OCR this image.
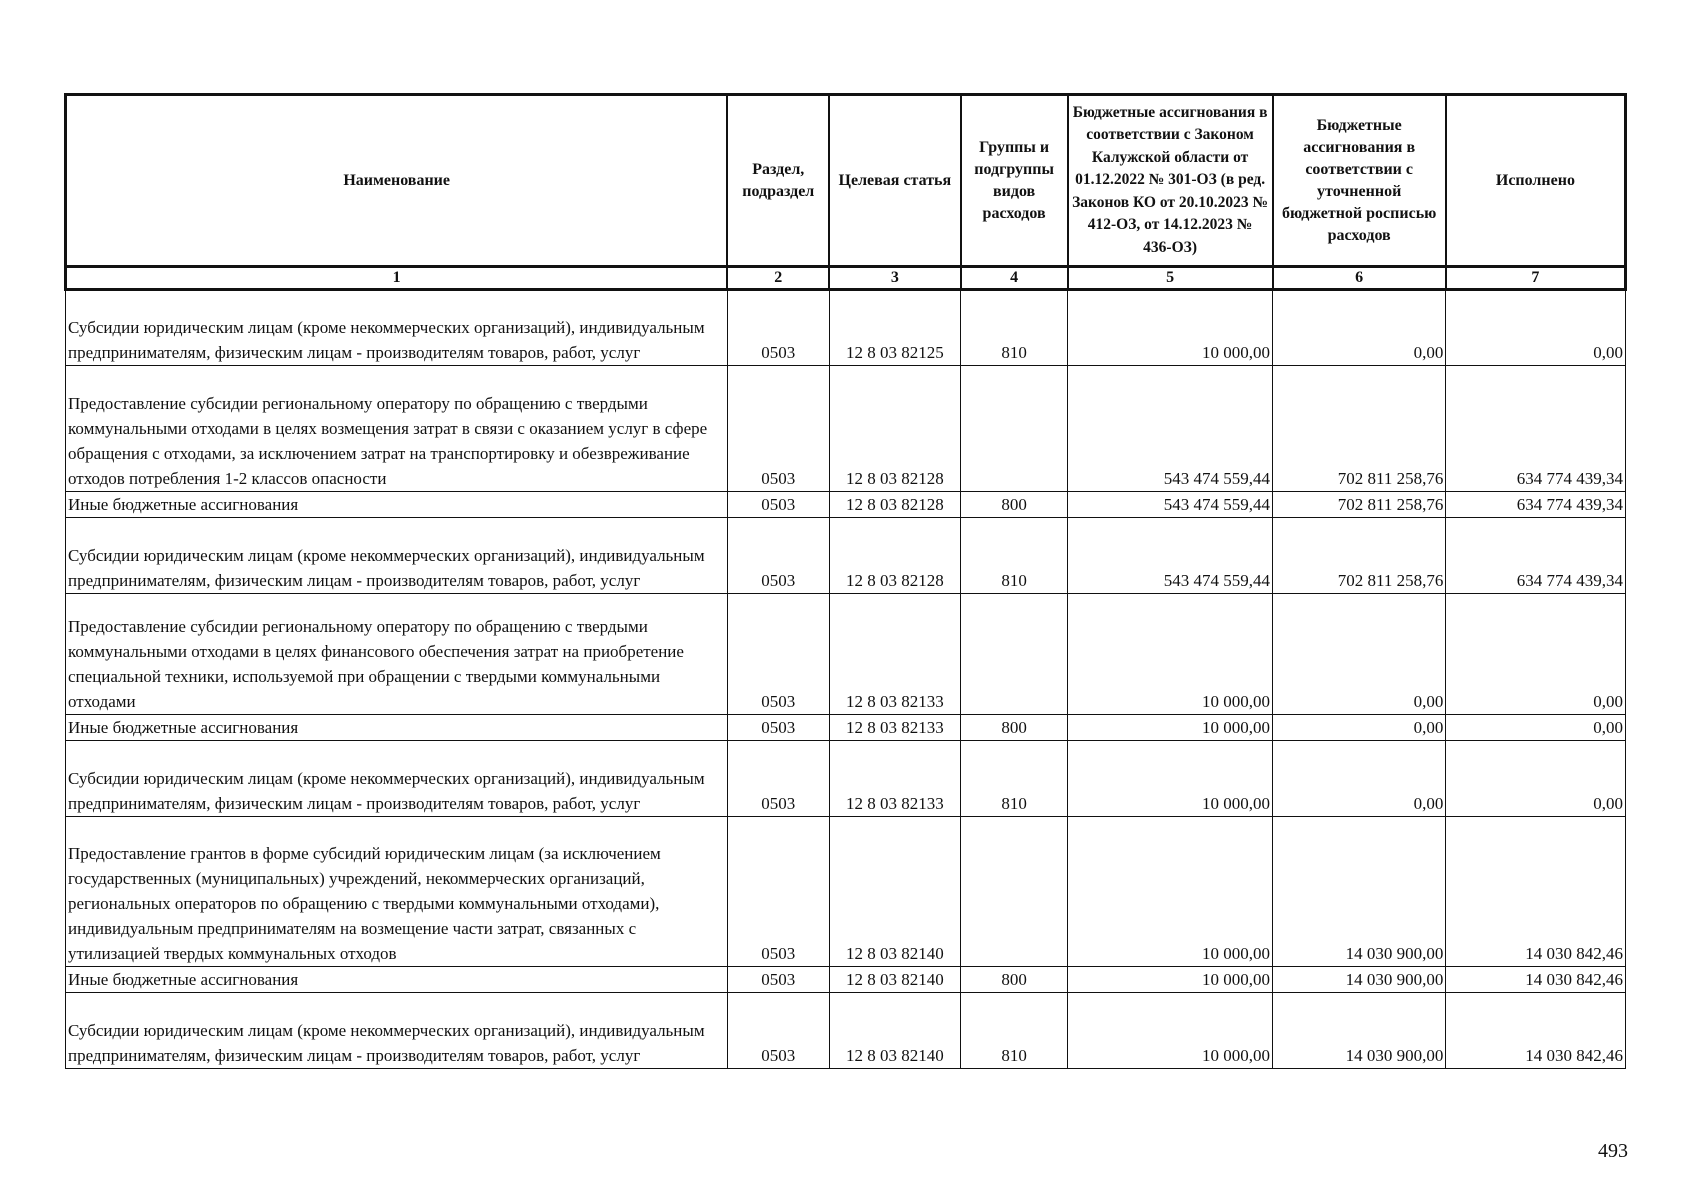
Наименование	Раздел, подраздел	Целевая статья	Группы и подгруппы видов расходов	Бюджетные ассигнования в соответствии с Законом Калужской области от 01.12.2022 № 301-ОЗ (в ред. Законов КО от 20.10.2023 № 412-ОЗ, от 14.12.2023 № 436-ОЗ)	Бюджетные ассигнования в соответствии с уточненной бюджетной росписью расходов	Исполнено
1	2	3	4	5	6	7
Субсидии юридическим лицам (кроме некоммерческих организаций), индивидуальным предпринимателям, физическим лицам - производителям товаров, работ, услуг	0503	12 8 03 82125	810	10 000,00	0,00	0,00
Предоставление субсидии региональному оператору по обращению с твердыми коммунальными отходами в целях возмещения затрат в связи с оказанием услуг в сфере обращения с отходами, за исключением затрат на транспортировку и обезвреживание отходов потребления 1-2 классов опасности	0503	12 8 03 82128		543 474 559,44	702 811 258,76	634 774 439,34
Иные бюджетные ассигнования	0503	12 8 03 82128	800	543 474 559,44	702 811 258,76	634 774 439,34
Субсидии юридическим лицам (кроме некоммерческих организаций), индивидуальным предпринимателям, физическим лицам - производителям товаров, работ, услуг	0503	12 8 03 82128	810	543 474 559,44	702 811 258,76	634 774 439,34
Предоставление субсидии региональному оператору по обращению с твердыми коммунальными отходами в целях финансового обеспечения затрат на приобретение специальной техники, используемой при обращении с твердыми коммунальными отходами	0503	12 8 03 82133		10 000,00	0,00	0,00
Иные бюджетные ассигнования	0503	12 8 03 82133	800	10 000,00	0,00	0,00
Субсидии юридическим лицам (кроме некоммерческих организаций), индивидуальным предпринимателям, физическим лицам - производителям товаров, работ, услуг	0503	12 8 03 82133	810	10 000,00	0,00	0,00
Предоставление грантов в форме субсидий юридическим лицам (за исключением государственных (муниципальных) учреждений, некоммерческих организаций, региональных операторов по обращению с твердыми коммунальными отходами), индивидуальным предпринимателям на возмещение части затрат, связанных с утилизацией твердых коммунальных отходов	0503	12 8 03 82140		10 000,00	14 030 900,00	14 030 842,46
Иные бюджетные ассигнования	0503	12 8 03 82140	800	10 000,00	14 030 900,00	14 030 842,46
Субсидии юридическим лицам (кроме некоммерческих организаций), индивидуальным предпринимателям, физическим лицам - производителям товаров, работ, услуг	0503	12 8 03 82140	810	10 000,00	14 030 900,00	14 030 842,46
493
